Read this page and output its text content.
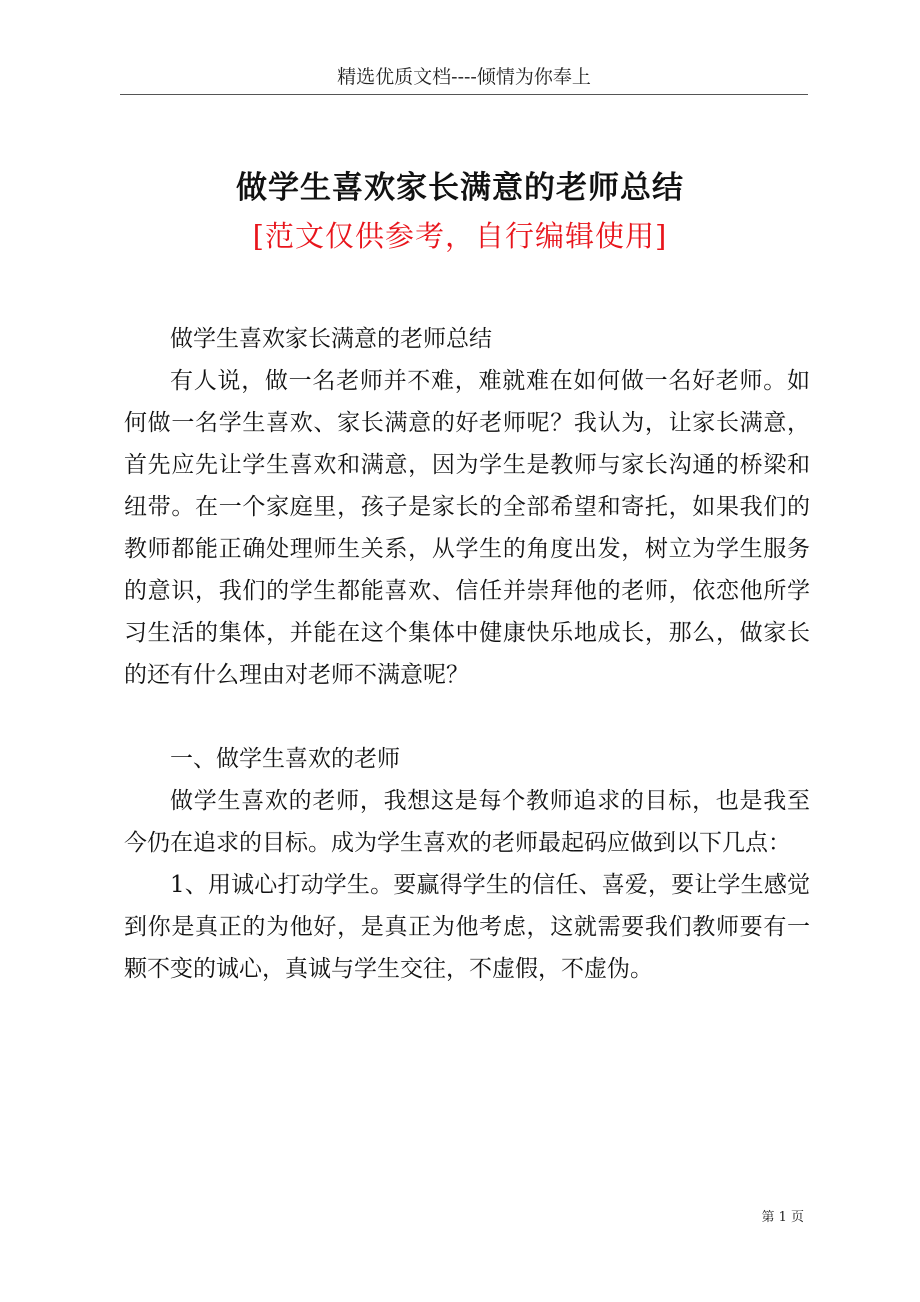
精选优质文档----倾情为你奉上
做学生喜欢家长满意的老师总结
[范文仅供参考，自行编辑使用]

做学生喜欢家长满意的老师总结

有人说，做一名老师并不难，难就难在如何做一名好老师。如何做一名学生喜欢、家长满意的好老师呢？我认为，让家长满意，首先应先让学生喜欢和满意，因为学生是教师与家长沟通的桥梁和纽带。在一个家庭里，孩子是家长的全部希望和寄托，如果我们的教师都能正确处理师生关系，从学生的角度出发，树立为学生服务的意识，我们的学生都能喜欢、信任并崇拜他的老师，依恋他所学习生活的集体，并能在这个集体中健康快乐地成长，那么，做家长的还有什么理由对老师不满意呢？

一、做学生喜欢的老师

做学生喜欢的老师，我想这是每个教师追求的目标，也是我至今仍在追求的目标。成为学生喜欢的老师最起码应做到以下几点：

1、用诚心打动学生。要赢得学生的信任、喜爱，要让学生感觉到你是真正的为他好，是真正为他考虑，这就需要我们教师要有一颗不变的诚心，真诚与学生交往，不虚假，不虚伪。

第 1 页
